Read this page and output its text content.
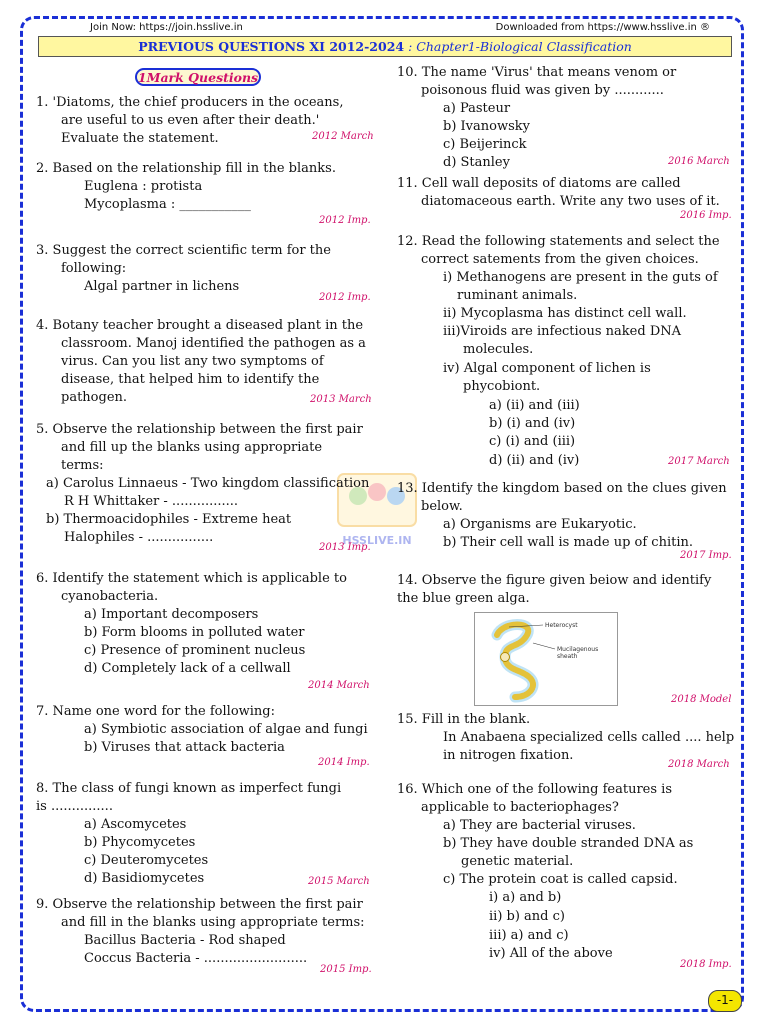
Join Now: https://join.hsslive.in	Downloaded from https://www.hsslive.in ®
PREVIOUS QUESTIONS XI 2012-2024 : Chapter1-Biological Classification
1Mark Questions
HSSLIVE.IN
1. 'Diatoms, the chief producers in the oceans,
are useful to us even after their death.'
Evaluate the statement.
2. Based on the relationship fill in the blanks.
Euglena : protista
Mycoplasma : ___________
3. Suggest the correct scientific term for the
following:
Algal partner in lichens
4. Botany teacher brought a diseased plant in the
classroom. Manoj identified the pathogen as a
virus. Can you list any two symptoms of
disease, that helped him to identify the
pathogen.
5. Observe the relationship between the first pair
and fill up the blanks using appropriate
terms:
a) Carolus Linnaeus - Two kingdom classification
R H Whittaker - ................
b) Thermoacidophiles - Extreme heat
Halophiles - ................
6. Identify the statement which is applicable to
cyanobacteria.
a) Important decomposers
b) Form blooms in polluted water
c) Presence of prominent nucleus
d) Completely lack of a cellwall
7. Name one word for the following:
a) Symbiotic association of algae and fungi
b) Viruses that attack bacteria
8. The class of fungi known as imperfect fungi
is ...............
a) Ascomycetes
b) Phycomycetes
c) Deuteromycetes
d) Basidiomycetes
9. Observe the relationship between the first pair
and fill in the blanks using appropriate terms:
Bacillus Bacteria - Rod shaped
Coccus Bacteria - .........................
10. The name 'Virus' that means venom or
poisonous fluid was given by ............
a) Pasteur
b) Ivanowsky
c) Beijerinck
d) Stanley
11. Cell wall deposits of diatoms are called
diatomaceous earth. Write any two uses of it.
12. Read the following statements and select the
correct satements from the given choices.
i) Methanogens are present in the guts of
ruminant animals.
ii) Mycoplasma has distinct cell wall.
iii)Viroids are infectious naked DNA
molecules.
iv) Algal component of lichen is
phycobiont.
a) (ii) and (iii)
b) (i) and (iv)
c) (i) and (iii)
d) (ii) and (iv)
13. Identify the kingdom based on the clues given
below.
a) Organisms are Eukaryotic.
b) Their cell wall is made up of chitin.
14. Observe the figure given beiow and identify
the blue green alga.
15. Fill in the blank.
In Anabaena specialized cells called .... help
in nitrogen fixation.
16. Which one of the following features is
applicable to bacteriophages?
a) They are bacterial viruses.
b) They have double stranded DNA as
genetic material.
c) The protein coat is called capsid.
i) a) and b)
ii) b) and c)
iii) a) and c)
iv) All of the above
2012 March
2012 Imp.
2012 Imp.
2013 March
2013 Imp.
2014 March
2014 Imp.
2015 March
2015 Imp.
2016 March
2016 Imp.
2017 March
2017 Imp.
2018 Model
2018 March
2018 Imp.
Heterocyst
Mucilagenous
sheath
-1-
